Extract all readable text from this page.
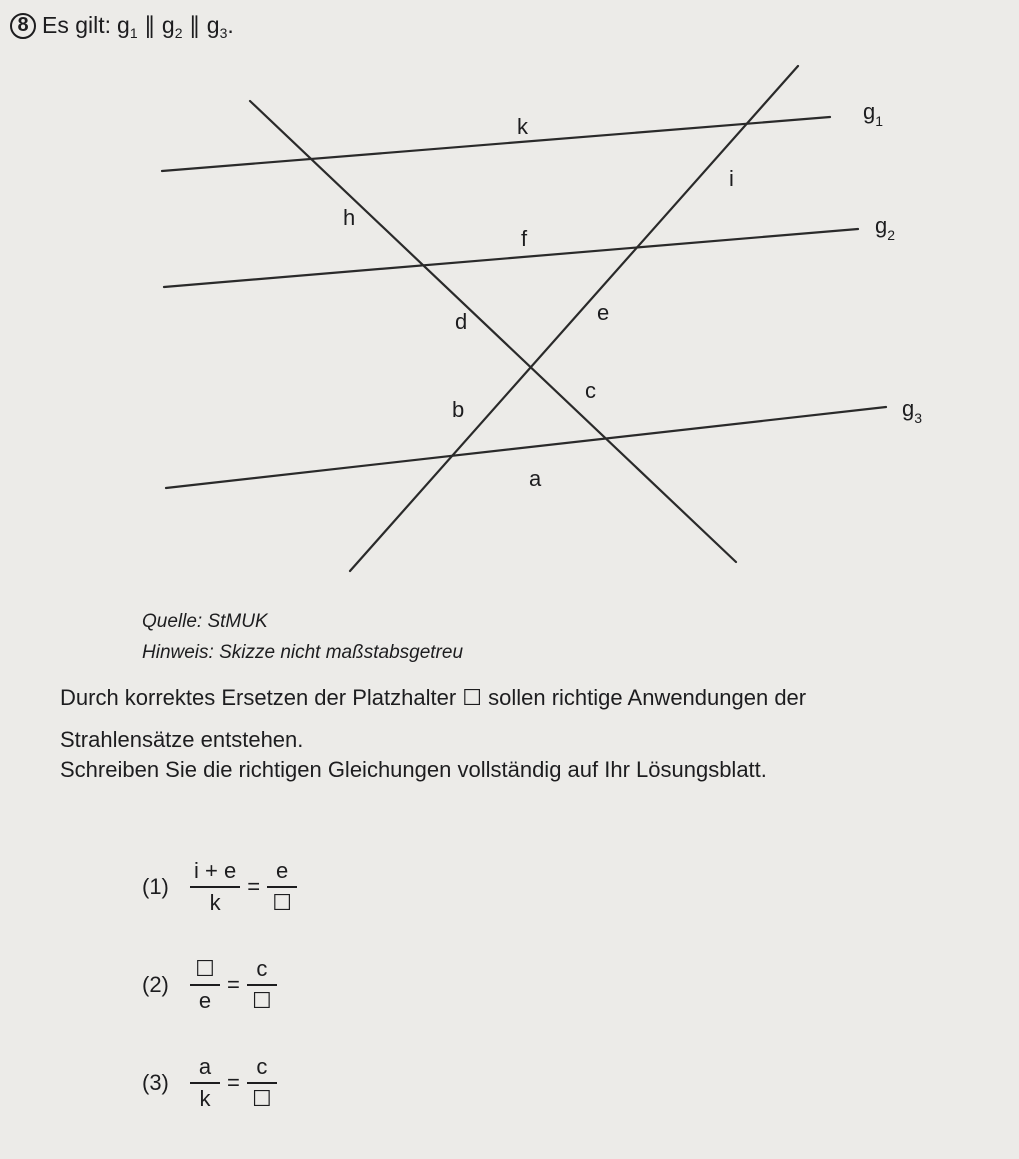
8 Es gilt: $g_1$ ∥ $g_2$ ∥ $g_3$.
k
$g_1$
i
h
f
$g_2$
d	e
c
b	$g_3$
a
Quelle: StMUK
Hinweis: Skizze nicht maßstabsgetreu
Durch korrektes Ersetzen der Platzhalter ☐ sollen richtige Anwendungen der
Strahlensätze entstehen.
Schreiben Sie die richtigen Gleichungen vollständig auf Ihr Lösungsblatt.
$(1) \frac{i + e}{k} = \frac{e}{☐}$
$(2) \frac{☐}{e} = \frac{c}{☐}$
$(3) \frac{a}{k} = \frac{c}{☐}$
